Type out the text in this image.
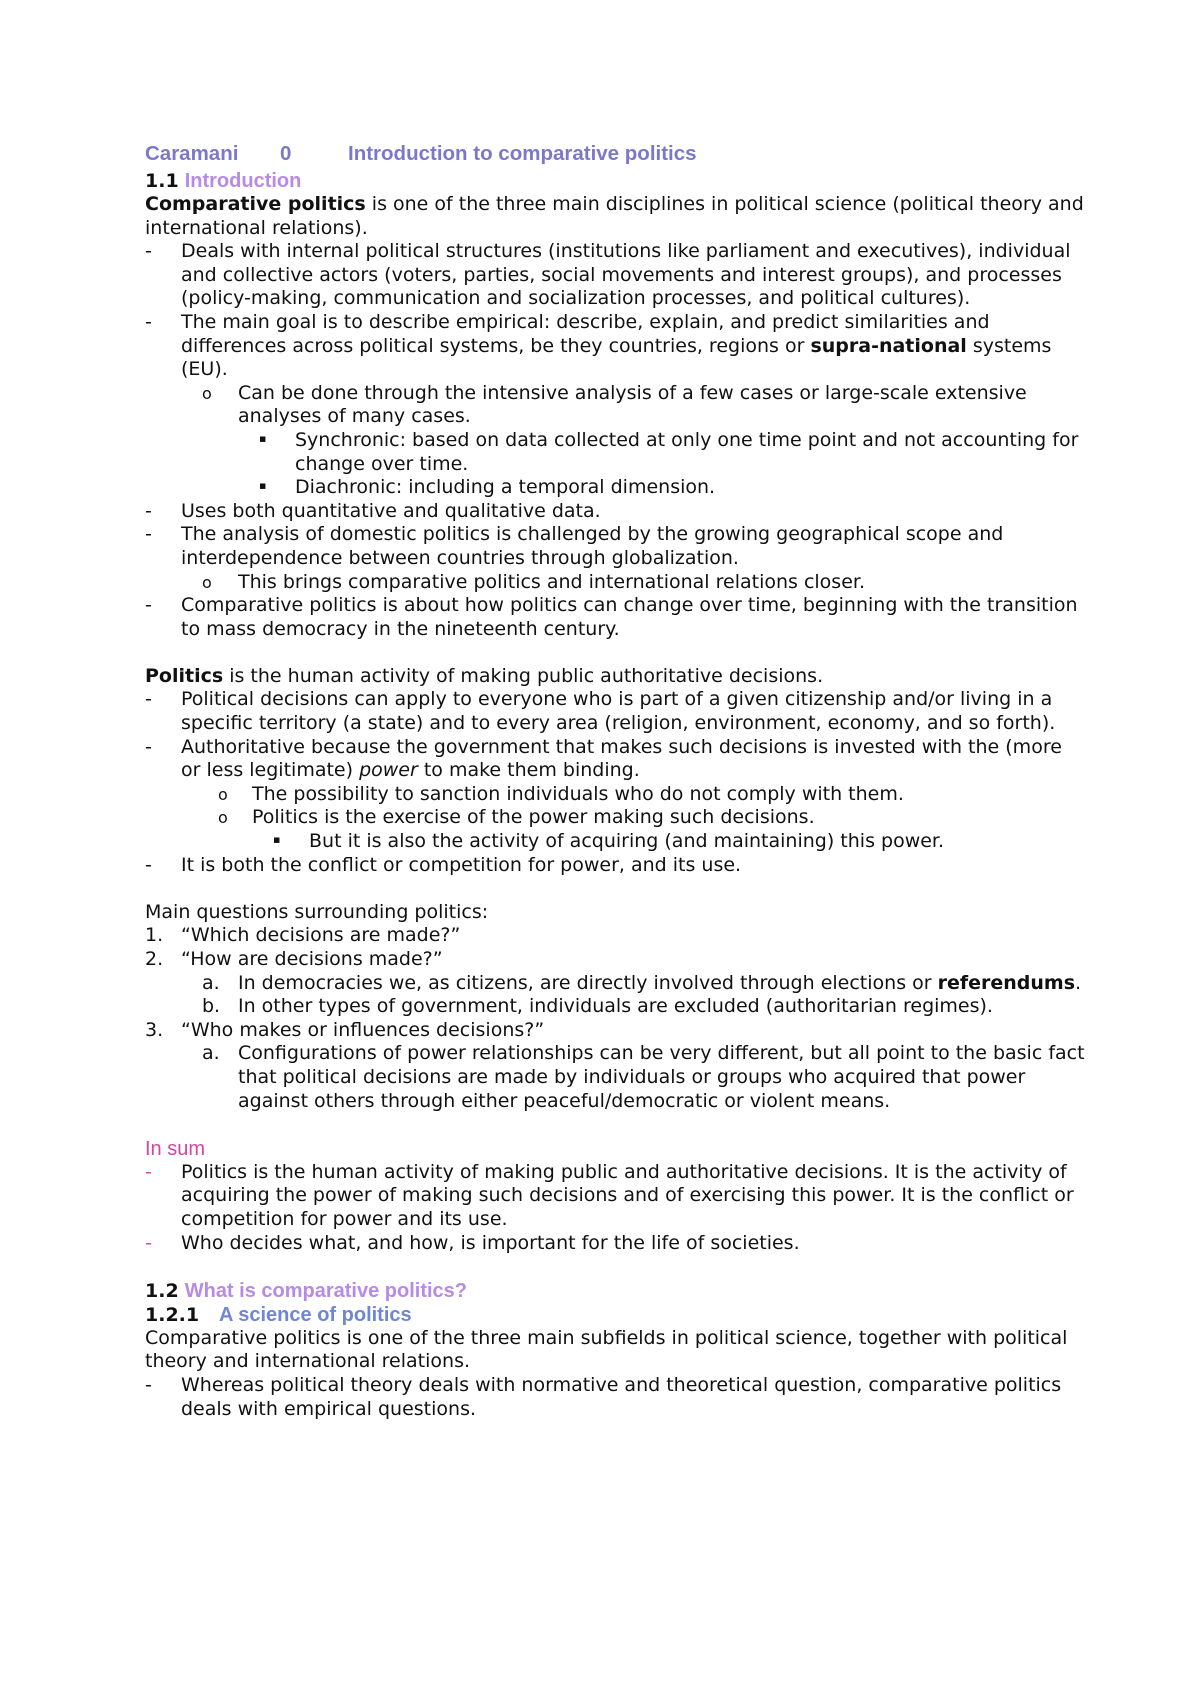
Caramani	0	Introduction to comparative politics
1.1 Introduction

Comparative politics is one of the three main disciplines in political science (political theory and international relations).

-	Deals with internal political structures (institutions like parliament and executives), individual and collective actors (voters, parties, social movements and interest groups), and processes (policy-making, communication and socialization processes, and political cultures).
-	The main goal is to describe empirical: describe, explain, and predict similarities and differences across political systems, be they countries, regions or supra-national systems (EU).
o	Can be done through the intensive analysis of a few cases or large-scale extensive analyses of many cases.
▪	Synchronic: based on data collected at only one time point and not accounting for change over time.
▪	Diachronic: including a temporal dimension.
-	Uses both quantitative and qualitative data.
-	The analysis of domestic politics is challenged by the growing geographical scope and interdependence between countries through globalization.
o	This brings comparative politics and international relations closer.
-	Comparative politics is about how politics can change over time, beginning with the transition to mass democracy in the nineteenth century.

Politics is the human activity of making public authoritative decisions.

-	Political decisions can apply to everyone who is part of a given citizenship and/or living in a specific territory (a state) and to every area (religion, environment, economy, and so forth).
-	Authoritative because the government that makes such decisions is invested with the (more or less legitimate) power to make them binding.
o	The possibility to sanction individuals who do not comply with them.
o	Politics is the exercise of the power making such decisions.
▪	But it is also the activity of acquiring (and maintaining) this power.
-	It is both the conflict or competition for power, and its use.

Main questions surrounding politics:

1. “Which decisions are made?”
2. “How are decisions made?”
a. In democracies we, as citizens, are directly involved through elections or referendums.
b. In other types of government, individuals are excluded (authoritarian regimes).
3. “Who makes or influences decisions?”
a. Configurations of power relationships can be very different, but all point to the basic fact that political decisions are made by individuals or groups who acquired that power against others through either peaceful/democratic or violent means.
In sum
-	Politics is the human activity of making public and authoritative decisions. It is the activity of acquiring the power of making such decisions and of exercising this power. It is the conflict or competition for power and its use.
-	Who decides what, and how, is important for the life of societies.
1.2 What is comparative politics?
1.2.1 A science of politics

Comparative politics is one of the three main subfields in political science, together with political theory and international relations.

-	Whereas political theory deals with normative and theoretical question, comparative politics deals with empirical questions.
